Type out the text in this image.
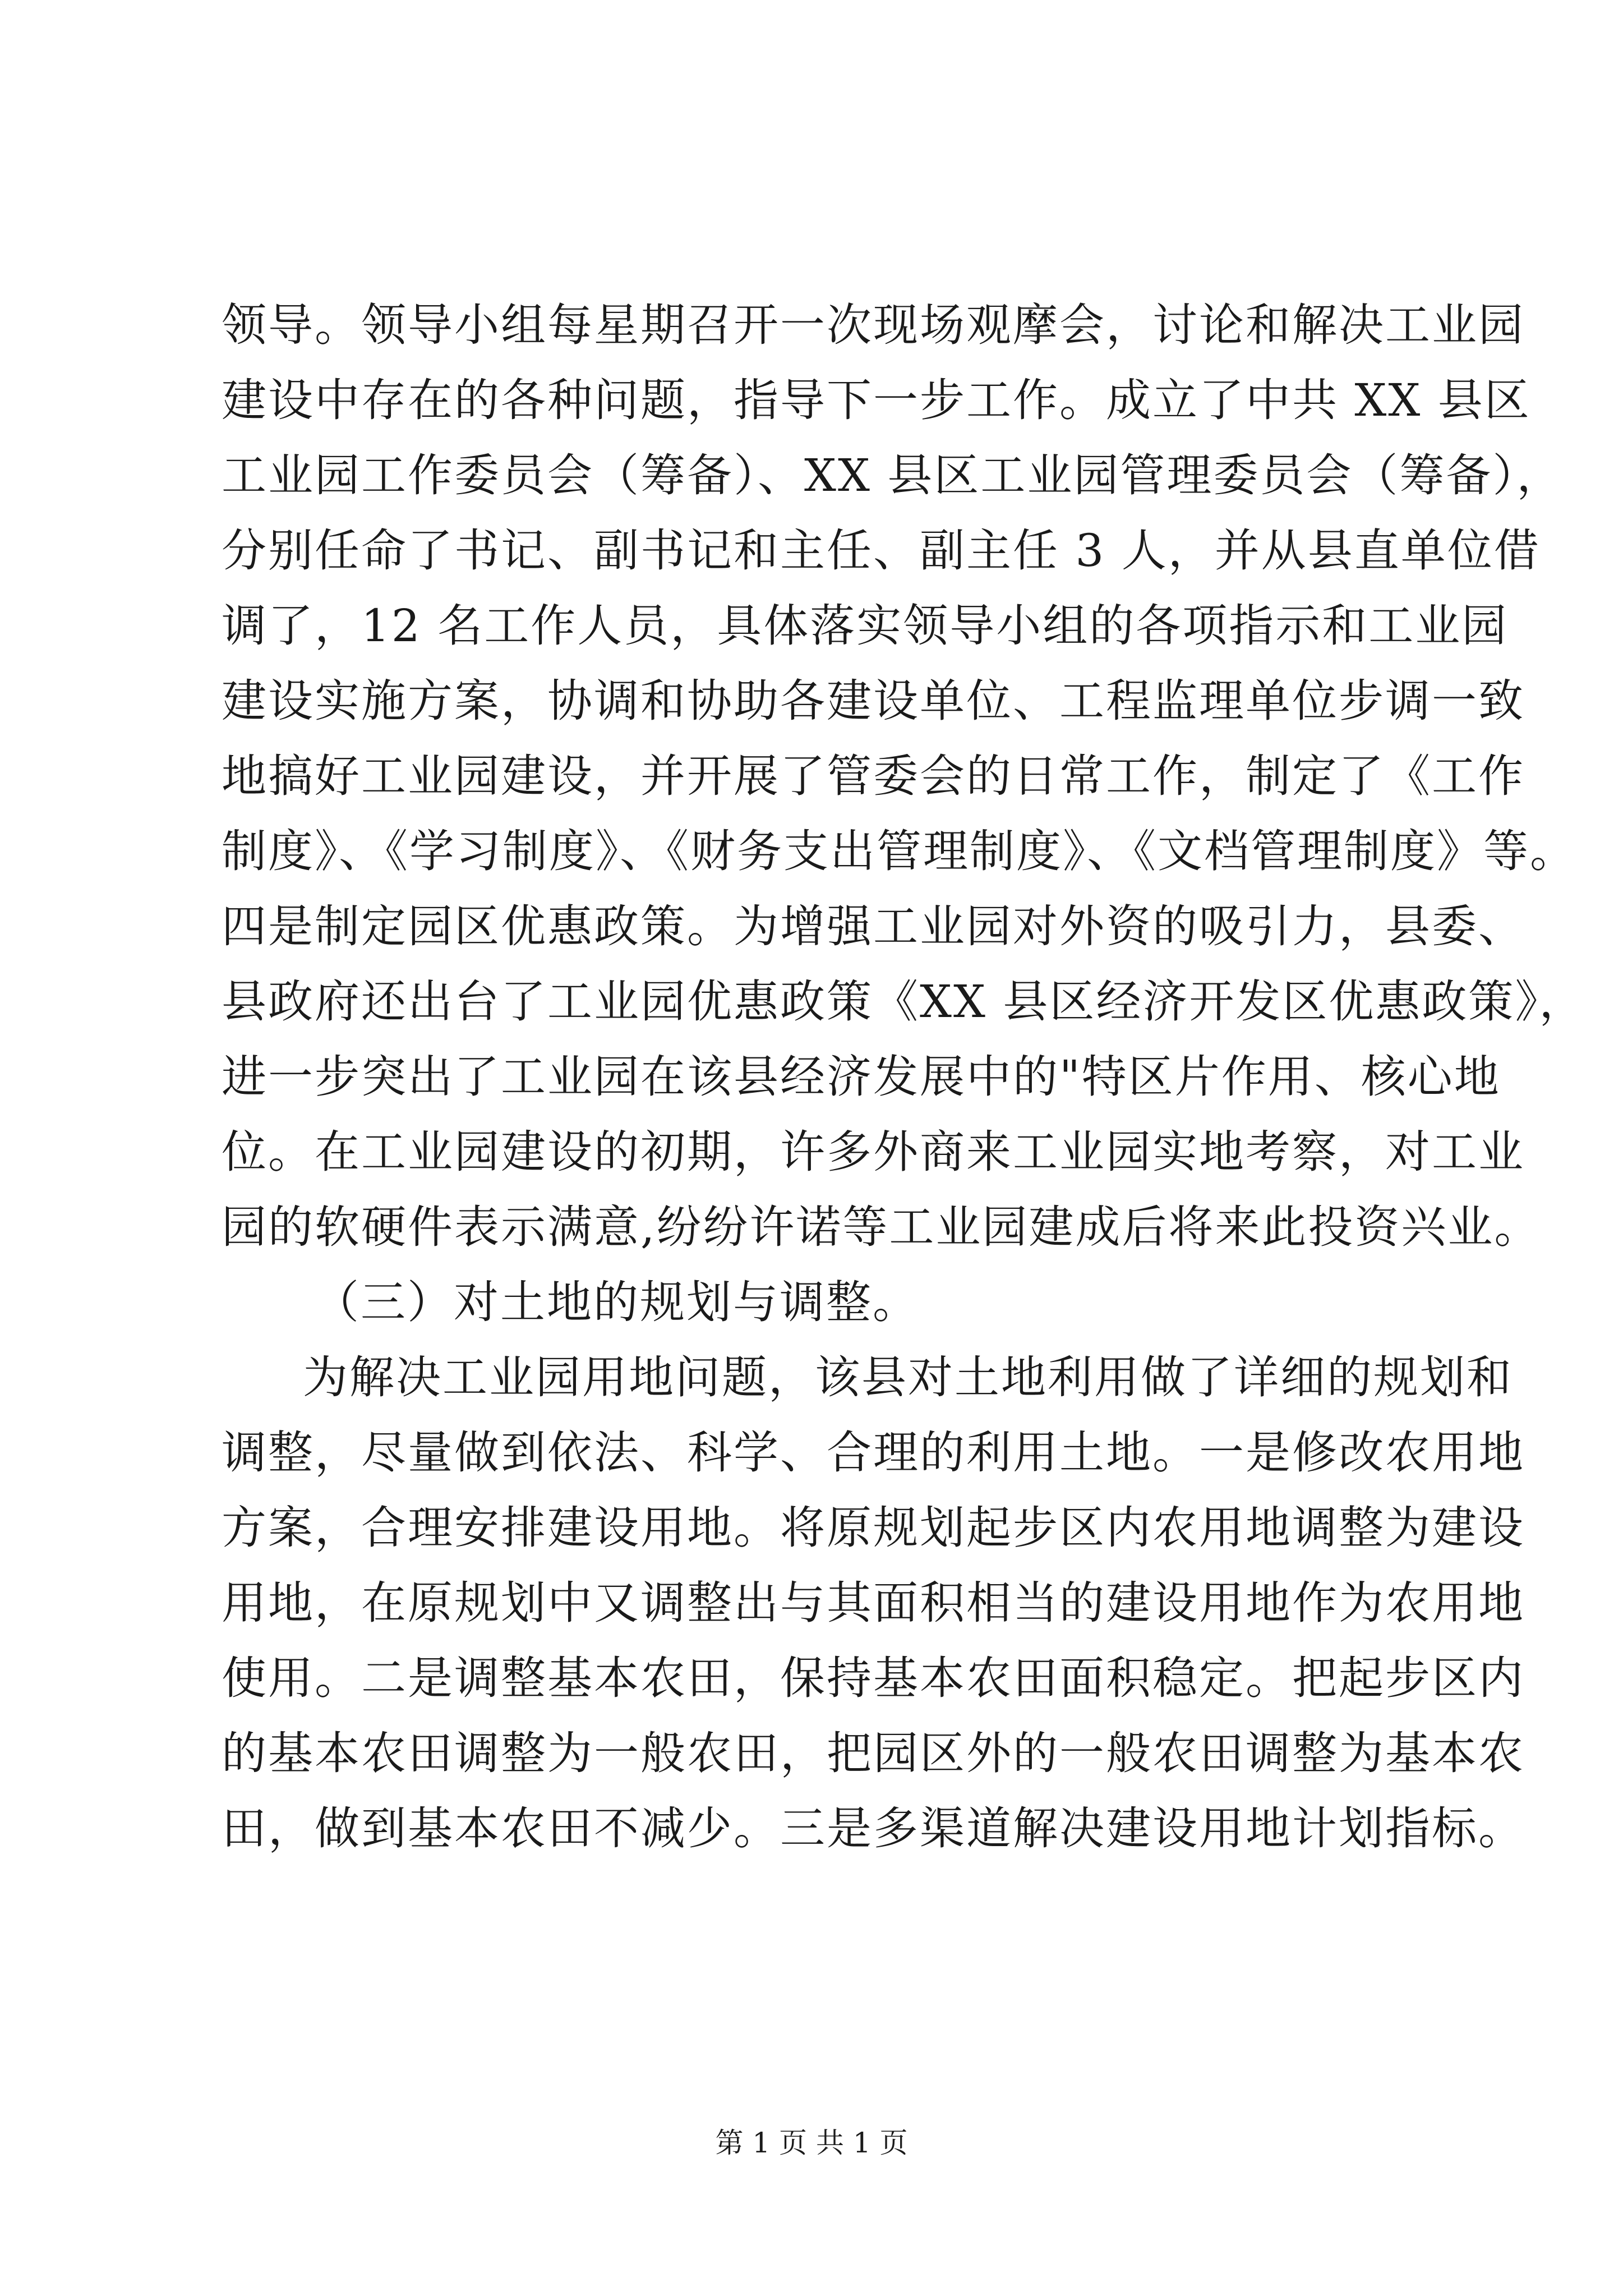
领导。领导小组每星期召开一次现场观摩会，讨论和解决工业园
建设中存在的各种问题，指导下一步工作。成立了中共 XX 县区
工业园工作委员会（筹备）、XX 县区工业园管理委员会（筹备），
分别任命了书记、副书记和主任、副主任 3 人，并从县直单位借
调了，12 名工作人员，具体落实领导小组的各项指示和工业园
建设实施方案，协调和协助各建设单位、工程监理单位步调一致
地搞好工业园建设，并开展了管委会的日常工作，制定了《工作
制度》、《学习制度》、《财务支出管理制度》、《文档管理制度》等。
四是制定园区优惠政策。为增强工业园对外资的吸引力，县委、
县政府还出台了工业园优惠政策《XX 县区经济开发区优惠政策》，
进一步突出了工业园在该县经济发展中的"特区片作用、核心地
位。在工业园建设的初期，许多外商来工业园实地考察，对工业
园的软硬件表示满意,纷纷许诺等工业园建成后将来此投资兴业。
（三）对土地的规划与调整。
为解决工业园用地问题，该县对土地利用做了详细的规划和
调整，尽量做到依法、科学、合理的利用土地。一是修改农用地
方案，合理安排建设用地。将原规划起步区内农用地调整为建设
用地，在原规划中又调整出与其面积相当的建设用地作为农用地
使用。二是调整基本农田，保持基本农田面积稳定。把起步区内
的基本农田调整为一般农田，把园区外的一般农田调整为基本农
田，做到基本农田不减少。三是多渠道解决建设用地计划指标。
第 1 页 共 1 页
